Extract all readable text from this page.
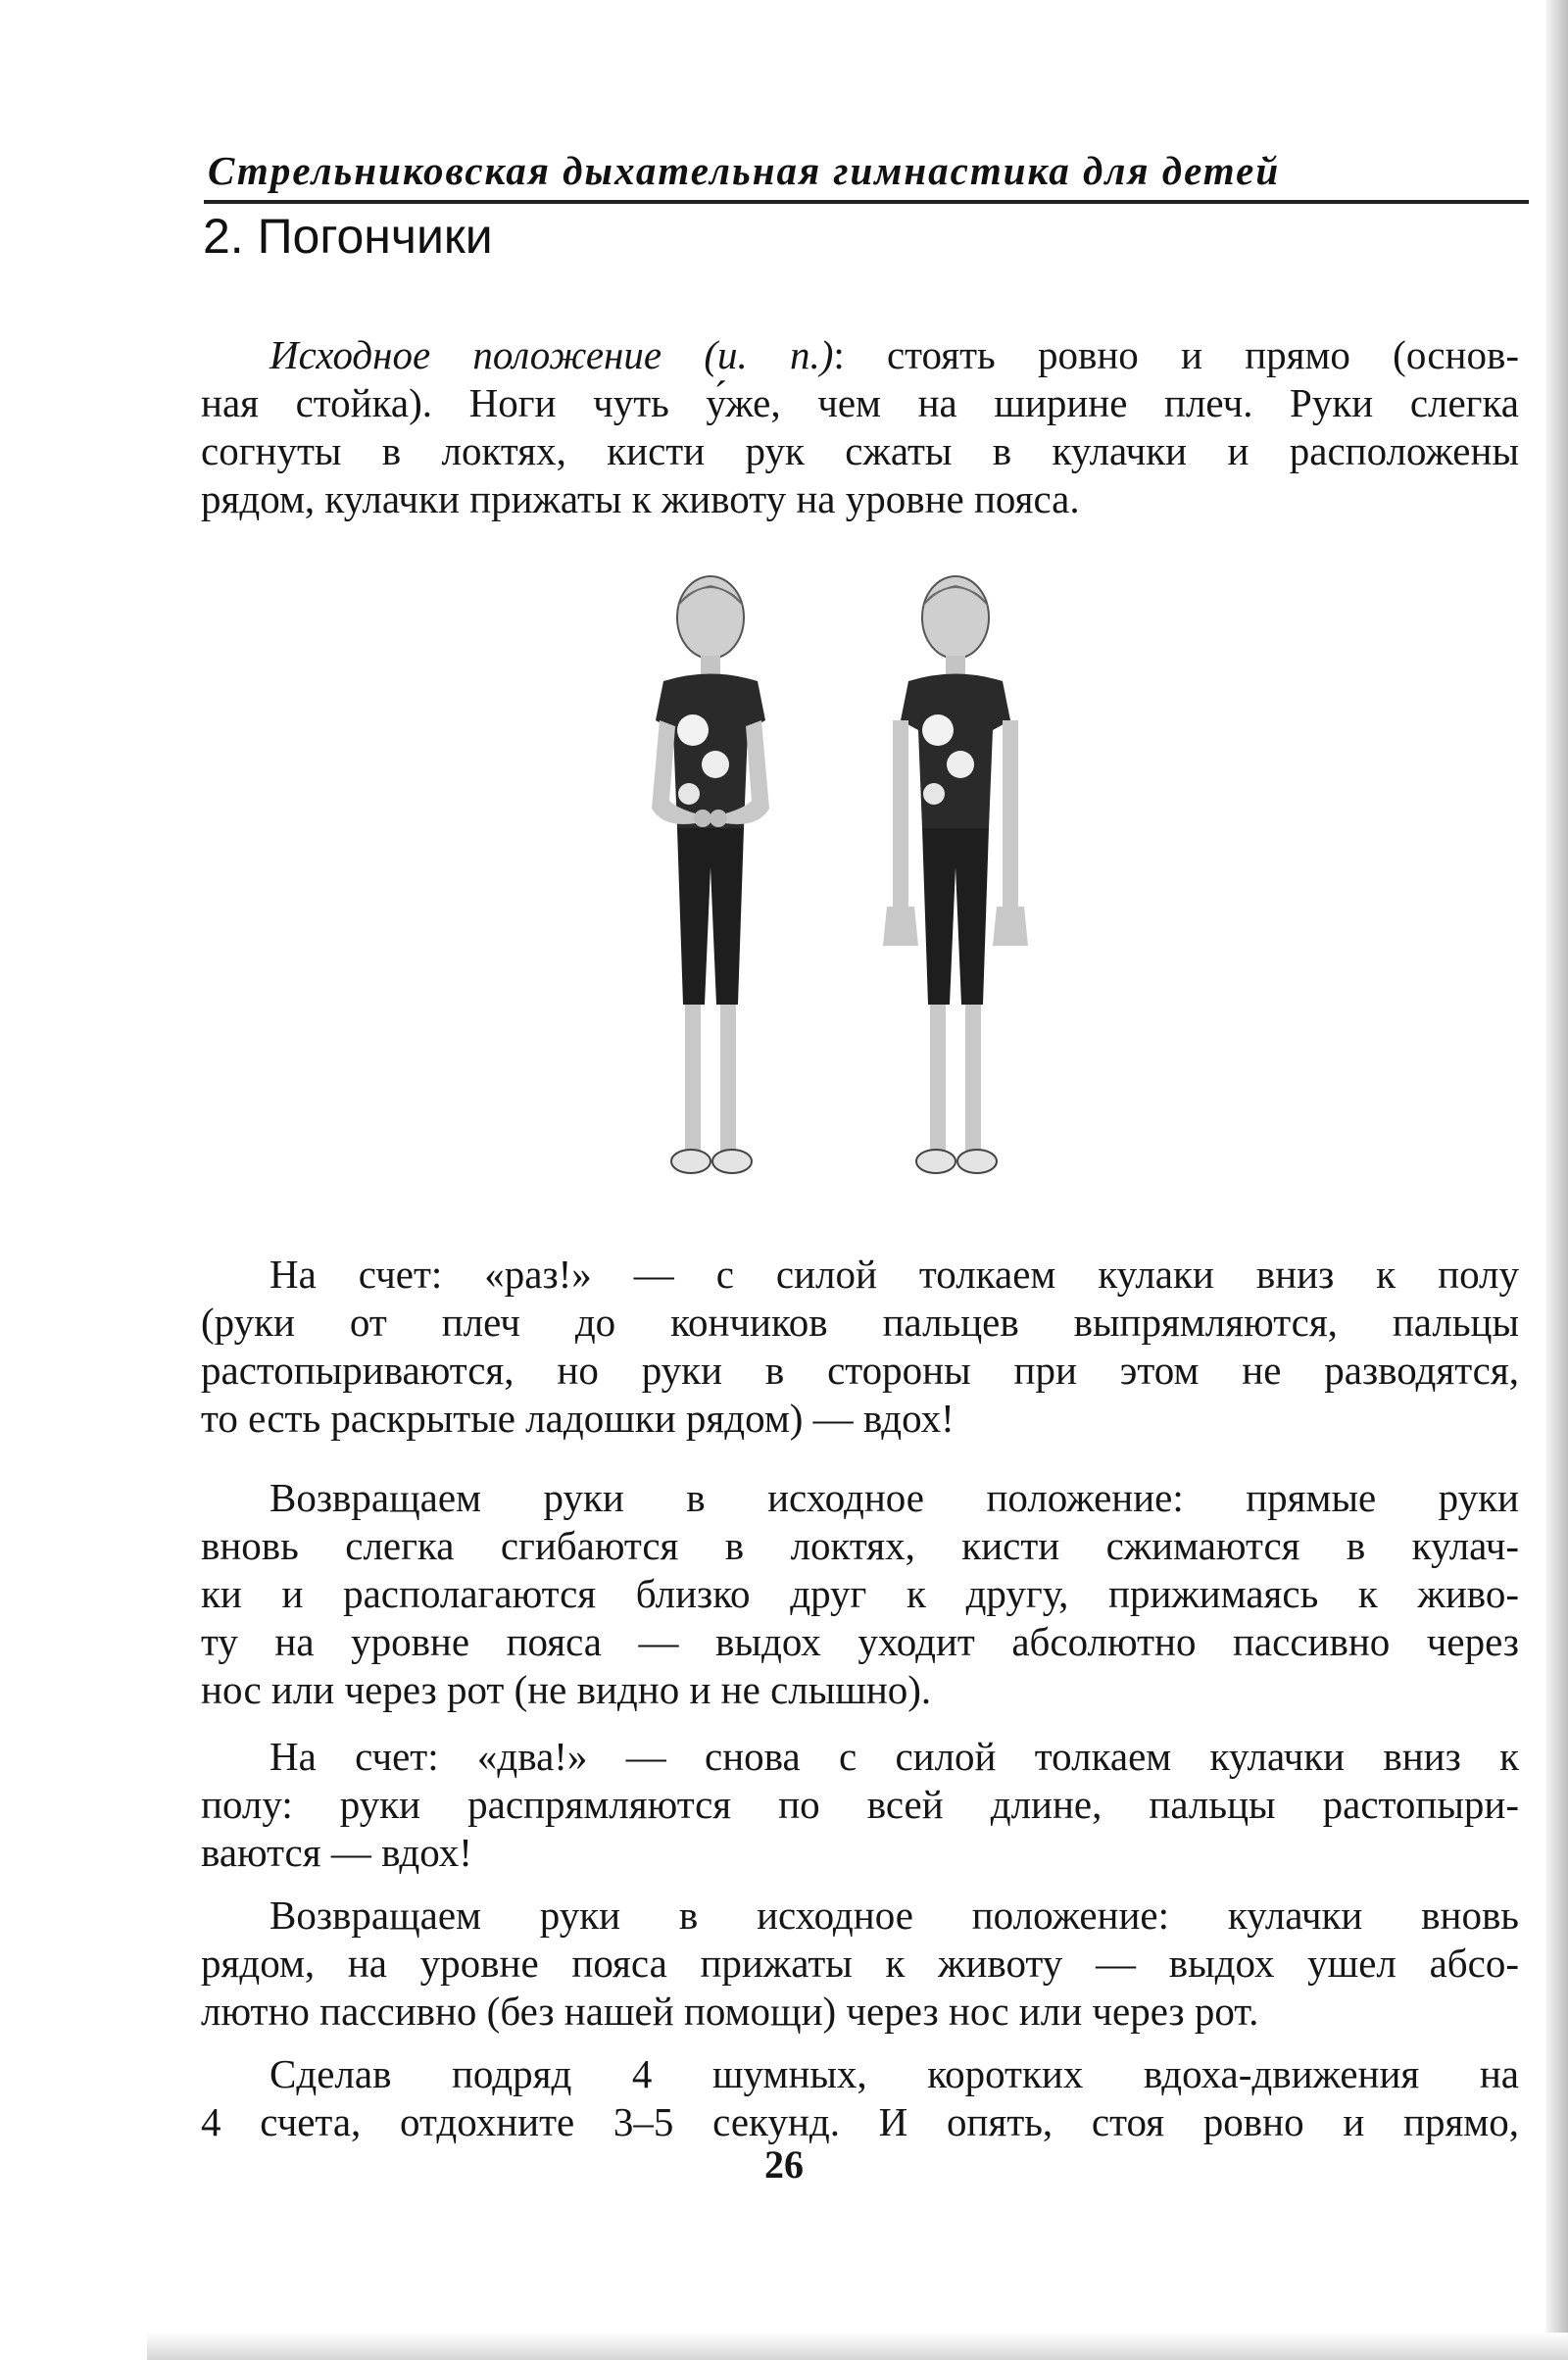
Стрельниковская дыхательная гимнастика для детей
2. Погончики
Исходное положение (и. п.): стоять ровно и прямо (основ-
ная стойка). Ноги чуть у́же, чем на ширине плеч. Руки слегка
согнуты в локтях, кисти рук сжаты в кулачки и расположены
рядом, кулачки прижаты к животу на уровне пояса.
На счет: «раз!» — с силой толкаем кулаки вниз к полу
(руки от плеч до кончиков пальцев выпрямляются, пальцы
растопыриваются, но руки в стороны при этом не разводятся,
то есть раскрытые ладошки рядом) — вдох!
Возвращаем руки в исходное положение: прямые руки
вновь слегка сгибаются в локтях, кисти сжимаются в кулач-
ки и располагаются близко друг к другу, прижимаясь к живо-
ту на уровне пояса — выдох уходит абсолютно пассивно через
нос или через рот (не видно и не слышно).
На счет: «два!» — снова с силой толкаем кулачки вниз к
полу: руки распрямляются по всей длине, пальцы растопыри-
ваются — вдох!
Возвращаем руки в исходное положение: кулачки вновь
рядом, на уровне пояса прижаты к животу — выдох ушел абсо-
лютно пассивно (без нашей помощи) через нос или через рот.
Сделав подряд 4 шумных, коротких вдоха-движения на
4 счета, отдохните 3–5 секунд. И опять, стоя ровно и прямо,
26
